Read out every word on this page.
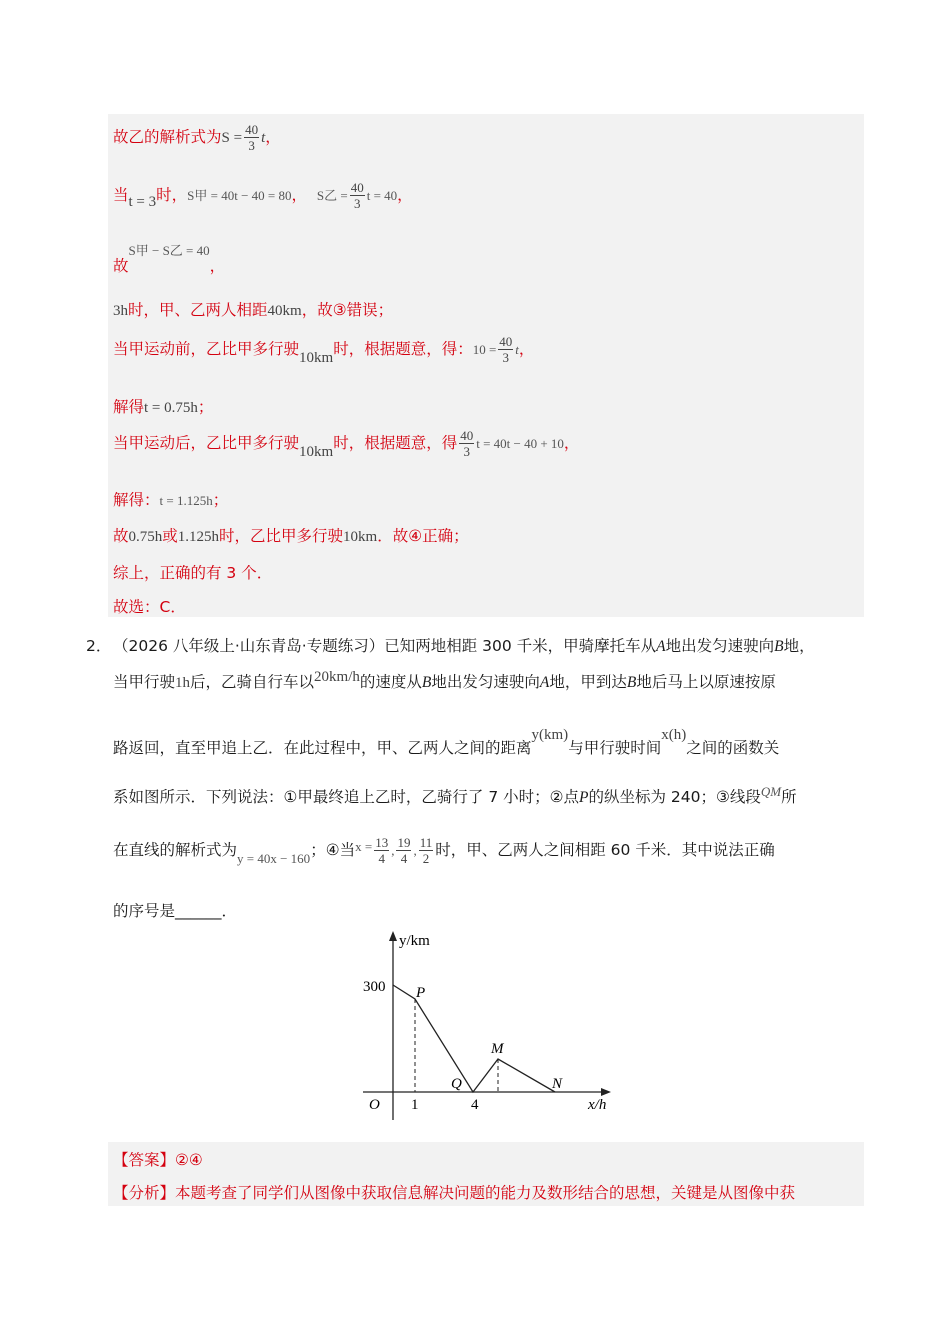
故乙的解析式为$S = \frac{40}{3}$ t，
当t = 3时，S甲 = 40t − 40 = 80， S乙 = $\frac{40}{3}$ t = 40，
故S甲 − S乙 = 40，
3h时，甲、乙两人相距40km，故③错误；
当甲运动前，乙比甲多行驶10km时，根据题意，得：$10 = \frac{40}{3}$ t，
解得t = 0.75h；
当甲运动后，乙比甲多行驶10km时，根据题意，得 $\frac{40}{3}$ t = 40t − 40 + 10，
解得：t = 1.125h；
故0.75h或1.125h时，乙比甲多行驶10km．故④正确；
综上，正确的有 3 个．
故选：C．
2． （2026 八年级上·山东青岛·专题练习）已知两地相距 300 千米，甲骑摩托车从A地出发匀速驶向B地，
当甲行驶1h后，乙骑自行车以20km/h的速度从B地出发匀速驶向A地，甲到达B地后马上以原速按原
路返回，直至甲追上乙．在此过程中，甲、乙两人之间的距离y(km)与甲行驶时间x(h)之间的函数关
系如图所示．下列说法：①甲最终追上乙时，乙骑行了 7 小时；②点P的纵坐标为 240；③线段$^{QM}$所
在直线的解析式为$_{y = 40x - 160}$；④当$^{x =} \frac{13}{4}$ , $\frac{19}{4}$ , $\frac{11}{2}$ 时，甲、乙两人之间相距 60 千米．其中说法正确
的序号是______．
y/km
x/h
O
300
1	4
P
Q
M
N
【答案】②④
【分析】本题考查了同学们从图像中获取信息解决问题的能力及数形结合的思想，关键是从图像中获
